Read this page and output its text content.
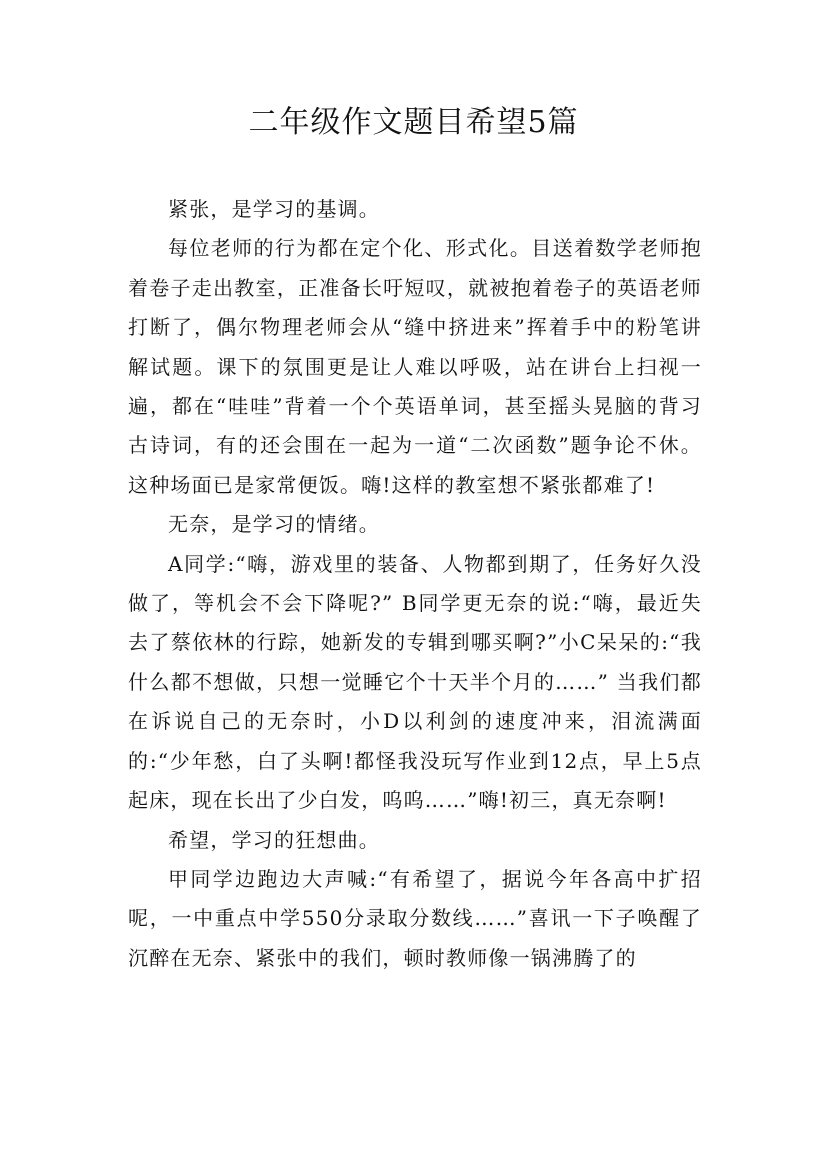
二年级作文题目希望5篇

紧张，是学习的基调。

每位老师的行为都在定个化、形式化。目送着数学老师抱着卷子走出教室，正准备长吁短叹，就被抱着卷子的英语老师打断了，偶尔物理老师会从“缝中挤进来”挥着手中的粉笔讲解试题。课下的氛围更是让人难以呼吸，站在讲台上扫视一遍，都在“哇哇”背着一个个英语单词，甚至摇头晃脑的背习古诗词，有的还会围在一起为一道“二次函数”题争论不休。这种场面已是家常便饭。嗨!这样的教室想不紧张都难了!

无奈，是学习的情绪。

A同学:“嗨，游戏里的装备、人物都到期了，任务好久没做了，等机会不会下降呢?” B同学更无奈的说:“嗨，最近失去了蔡依林的行踪，她新发的专辑到哪买啊?”小C呆呆的:“我什么都不想做，只想一觉睡它个十天半个月的……” 当我们都在诉说自己的无奈时，小D以利剑的速度冲来，泪流满面的:“少年愁，白了头啊!都怪我没玩写作业到12点，早上5点起床，现在长出了少白发，呜呜……”嗨!初三，真无奈啊!

希望，学习的狂想曲。

甲同学边跑边大声喊:“有希望了，据说今年各高中扩招呢，一中重点中学550分录取分数线……”喜讯一下子唤醒了沉醉在无奈、紧张中的我们，顿时教师像一锅沸腾了的
